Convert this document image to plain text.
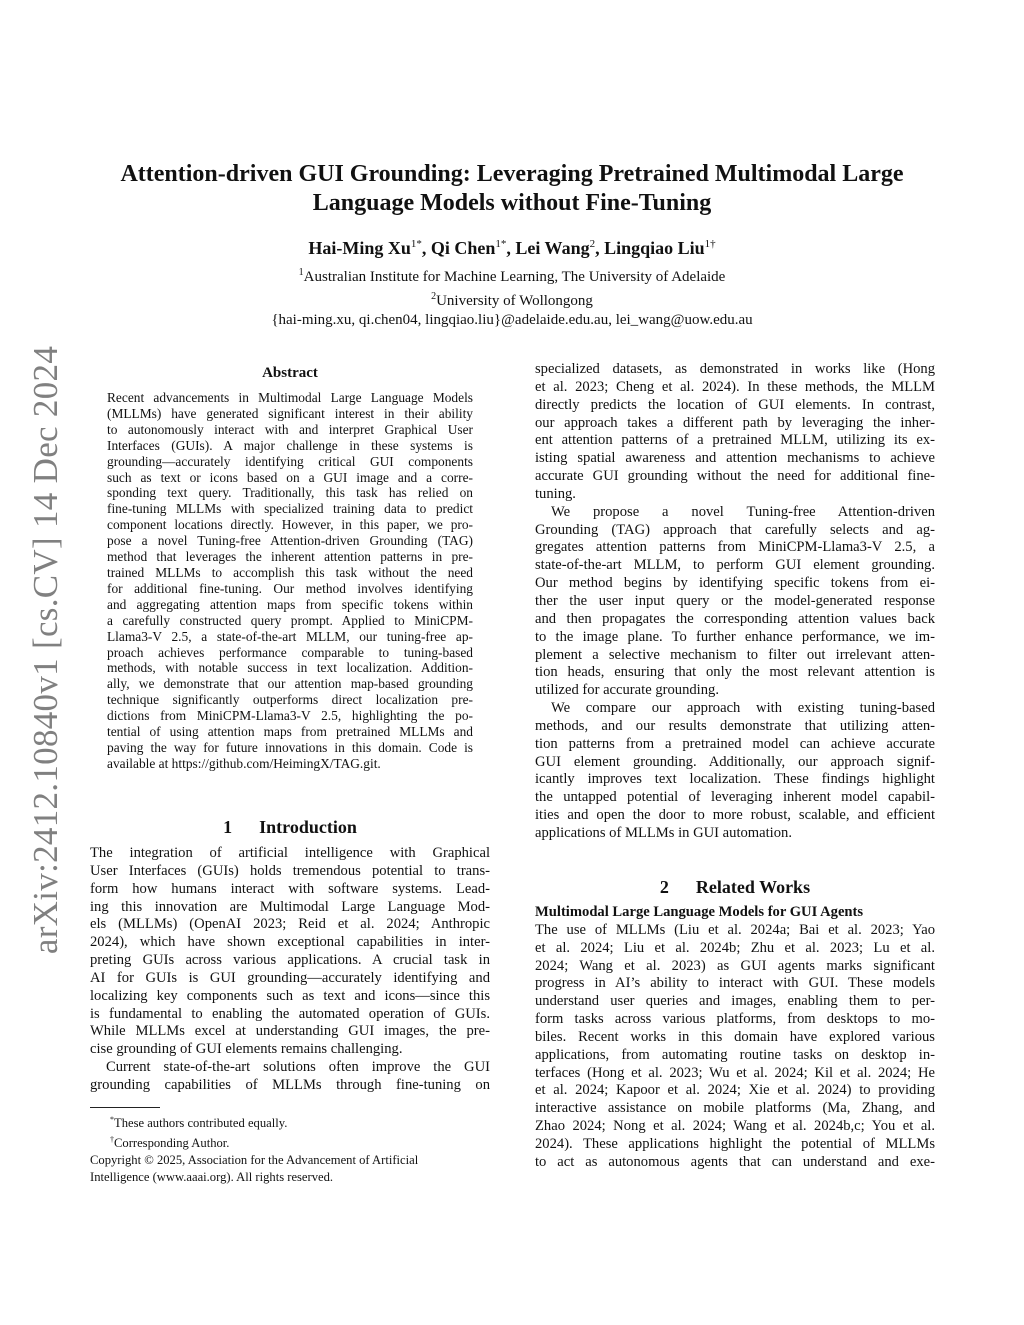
arXiv:2412.10840v1 [cs.CV] 14 Dec 2024
Attention-driven GUI Grounding: Leveraging Pretrained Multimodal Large
Language Models without Fine-Tuning
Hai-Ming $Xu^{1*}$, Qi Chen$^{1*}$, Lei Wang$^2$, Lingqiao Liu$^{1\dagger}$
$^1$Australian Institute for Machine Learning, The University of Adelaide
$^2$University of Wollongong
{hai-ming.xu, qi.chen04, lingqiao.liu}@adelaide.edu.au, lei_wang@uow.edu.au
Abstract
Recent advancements in Multimodal Large Language Models
(MLLMs) have generated significant interest in their ability
to autonomously interact with and interpret Graphical User
Interfaces (GUIs). A major challenge in these systems is
grounding—accurately identifying critical GUI components
such as text or icons based on a GUI image and a corre-
sponding text query. Traditionally, this task has relied on
fine-tuning MLLMs with specialized training data to predict
component locations directly. However, in this paper, we pro-
pose a novel Tuning-free Attention-driven Grounding (TAG)
method that leverages the inherent attention patterns in pre-
trained MLLMs to accomplish this task without the need
for additional fine-tuning. Our method involves identifying
and aggregating attention maps from specific tokens within
a carefully constructed query prompt. Applied to MiniCPM-
Llama3-V 2.5, a state-of-the-art MLLM, our tuning-free ap-
proach achieves performance comparable to tuning-based
methods, with notable success in text localization. Addition-
ally, we demonstrate that our attention map-based grounding
technique significantly outperforms direct localization pre-
dictions from MiniCPM-Llama3-V 2.5, highlighting the po-
tential of using attention maps from pretrained MLLMs and
paving the way for future innovations in this domain. Code is
available at https://github.com/HeimingX/TAG.git.
1      Introduction
The integration of artificial intelligence with Graphical
User Interfaces (GUIs) holds tremendous potential to trans-
form how humans interact with software systems. Lead-
ing this innovation are Multimodal Large Language Mod-
els (MLLMs) (OpenAI 2023; Reid et al. 2024; Anthropic
2024), which have shown exceptional capabilities in inter-
preting GUIs across various applications. A crucial task in
AI for GUIs is GUI grounding—accurately identifying and
localizing key components such as text and icons—since this
is fundamental to enabling the automated operation of GUIs.
While MLLMs excel at understanding GUI images, the pre-
cise grounding of GUI elements remains challenging.
Current state-of-the-art solutions often improve the GUI
grounding capabilities of MLLMs through fine-tuning on
*These authors contributed equally.
†Corresponding Author.
Copyright © 2025, Association for the Advancement of Artificial
Intelligence (www.aaai.org). All rights reserved.
specialized datasets, as demonstrated in works like (Hong
et al. 2023; Cheng et al. 2024). In these methods, the MLLM
directly predicts the location of GUI elements. In contrast,
our approach takes a different path by leveraging the inher-
ent attention patterns of a pretrained MLLM, utilizing its ex-
isting spatial awareness and attention mechanisms to achieve
accurate GUI grounding without the need for additional fine-
tuning.
We propose a novel Tuning-free Attention-driven
Grounding (TAG) approach that carefully selects and ag-
gregates attention patterns from MiniCPM-Llama3-V 2.5, a
state-of-the-art MLLM, to perform GUI element grounding.
Our method begins by identifying specific tokens from ei-
ther the user input query or the model-generated response
and then propagates the corresponding attention values back
to the image plane. To further enhance performance, we im-
plement a selective mechanism to filter out irrelevant atten-
tion heads, ensuring that only the most relevant attention is
utilized for accurate grounding.
We compare our approach with existing tuning-based
methods, and our results demonstrate that utilizing atten-
tion patterns from a pretrained model can achieve accurate
GUI element grounding. Additionally, our approach signif-
icantly improves text localization. These findings highlight
the untapped potential of leveraging inherent model capabil-
ities and open the door to more robust, scalable, and efficient
applications of MLLMs in GUI automation.
2      Related Works
Multimodal Large Language Models for GUI Agents
The use of MLLMs (Liu et al. 2024a; Bai et al. 2023; Yao
et al. 2024; Liu et al. 2024b; Zhu et al. 2023; Lu et al.
2024; Wang et al. 2023) as GUI agents marks significant
progress in AI’s ability to interact with GUI. These models
understand user queries and images, enabling them to per-
form tasks across various platforms, from desktops to mo-
biles. Recent works in this domain have explored various
applications, from automating routine tasks on desktop in-
terfaces (Hong et al. 2023; Wu et al. 2024; Kil et al. 2024; He
et al. 2024; Kapoor et al. 2024; Xie et al. 2024) to providing
interactive assistance on mobile platforms (Ma, Zhang, and
Zhao 2024; Nong et al. 2024; Wang et al. 2024b,c; You et al.
2024). These applications highlight the potential of MLLMs
to act as autonomous agents that can understand and exe-
